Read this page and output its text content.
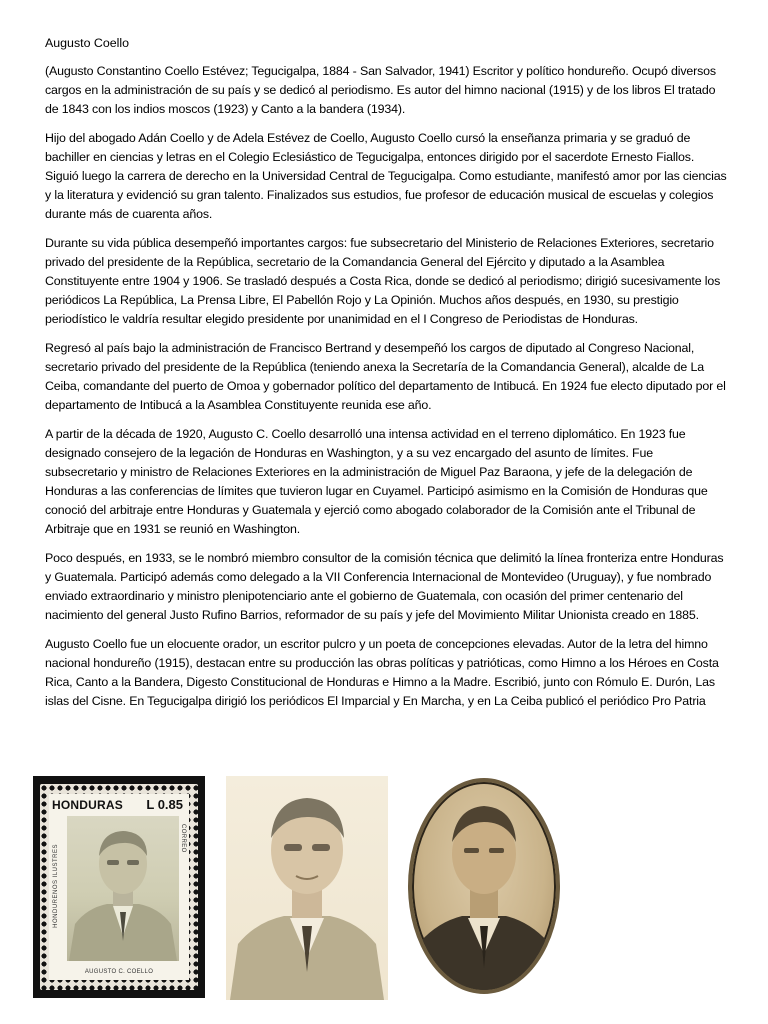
Augusto Coello

(Augusto Constantino Coello Estévez; Tegucigalpa, 1884 - San Salvador, 1941) Escritor y político hondureño. Ocupó diversos cargos en la administración de su país y se dedicó al periodismo. Es autor del himno nacional (1915) y de los libros El tratado de 1843 con los indios moscos (1923) y Canto a la bandera (1934).

Hijo del abogado Adán Coello y de Adela Estévez de Coello, Augusto Coello cursó la enseñanza primaria y se graduó de bachiller en ciencias y letras en el Colegio Eclesiástico de Tegucigalpa, entonces dirigido por el sacerdote Ernesto Fiallos. Siguió luego la carrera de derecho en la Universidad Central de Tegucigalpa. Como estudiante, manifestó amor por las ciencias y la literatura y evidenció su gran talento. Finalizados sus estudios, fue profesor de educación musical de escuelas y colegios durante más de cuarenta años.

Durante su vida pública desempeñó importantes cargos: fue subsecretario del Ministerio de Relaciones Exteriores, secretario privado del presidente de la República, secretario de la Comandancia General del Ejército y diputado a la Asamblea Constituyente entre 1904 y 1906. Se trasladó después a Costa Rica, donde se dedicó al periodismo; dirigió sucesivamente los periódicos La República, La Prensa Libre, El Pabellón Rojo y La Opinión. Muchos años después, en 1930, su prestigio periodístico le valdría resultar elegido presidente por unanimidad en el I Congreso de Periodistas de Honduras.

Regresó al país bajo la administración de Francisco Bertrand y desempeñó los cargos de diputado al Congreso Nacional, secretario privado del presidente de la República (teniendo anexa la Secretaría de la Comandancia General), alcalde de La Ceiba, comandante del puerto de Omoa y gobernador político del departamento de Intibucá. En 1924 fue electo diputado por el departamento de Intibucá a la Asamblea Constituyente reunida ese año.

A partir de la década de 1920, Augusto C. Coello desarrolló una intensa actividad en el terreno diplomático. En 1923 fue designado consejero de la legación de Honduras en Washington, y a su vez encargado del asunto de límites. Fue subsecretario y ministro de Relaciones Exteriores en la administración de Miguel Paz Baraona, y jefe de la delegación de Honduras a las conferencias de límites que tuvieron lugar en Cuyamel. Participó asimismo en la Comisión de Honduras que conoció del arbitraje entre Honduras y Guatemala y ejerció como abogado colaborador de la Comisión ante el Tribunal de Arbitraje que en 1931 se reunió en Washington.

Poco después, en 1933, se le nombró miembro consultor de la comisión técnica que delimitó la línea fronteriza entre Honduras y Guatemala. Participó además como delegado a la VII Conferencia Internacional de Montevideo (Uruguay), y fue nombrado enviado extraordinario y ministro plenipotenciario ante el gobierno de Guatemala, con ocasión del primer centenario del nacimiento del general Justo Rufino Barrios, reformador de su país y jefe del Movimiento Militar Unionista creado en 1885.

Augusto Coello fue un elocuente orador, un escritor pulcro y un poeta de concepciones elevadas. Autor de la letra del himno nacional hondureño (1915), destacan entre su producción las obras políticas y patrióticas, como Himno a los Héroes en Costa Rica, Canto a la Bandera, Digesto Constitucional de Honduras e Himno a la Madre. Escribió, junto con Rómulo E. Durón, Las islas del Cisne. En Tegucigalpa dirigió los periódicos El Imparcial y En Marcha, y en La Ceiba publicó el periódico Pro Patria

HONDURAS L 0.85
HONDUREÑOS ILUSTRES
CORREO
AUGUSTO C. COELLO
